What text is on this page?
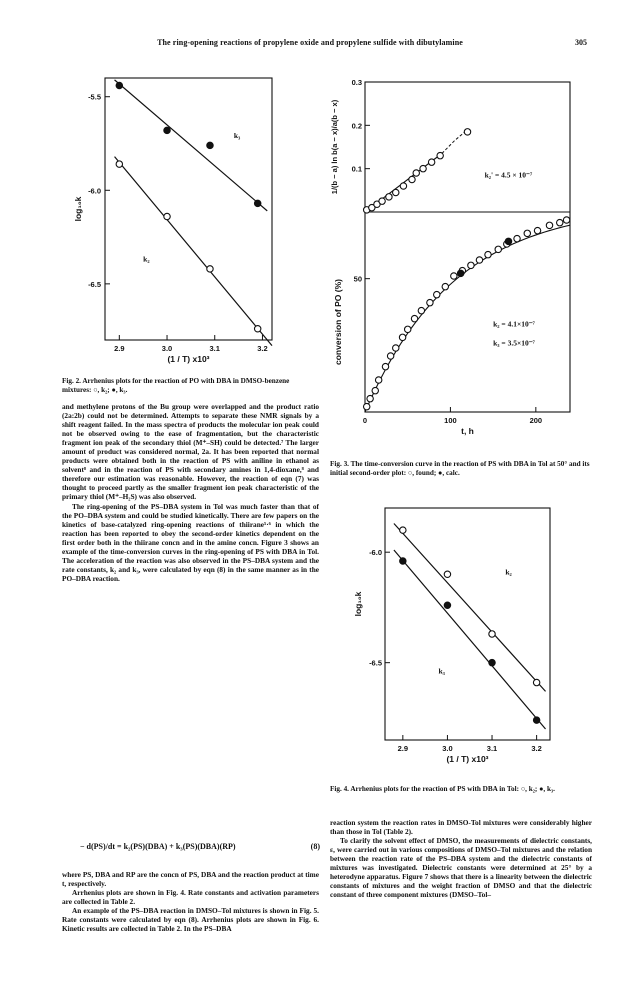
The ring-opening reactions of propylene oxide and propylene sulfide with dibutylamine	305
-5.5
-6.0
-6.5
2.9	3.0	3.1	3.2
(1 / T) x10³
log₁₀k
k₃
k₂
Fig. 2. Arrhenius plots for the reaction of PO with DBA in DMSO-benzene mixtures: ○, k₂; ●, k₃.
0.1
0.2
0.3
50
0	100	200
t, h
1/(b − a) ln b(a − x)/a(b − x)
conversion of PO (%)
k₂' = 4.5 × 10⁻⁷
k₂ = 4.1×10⁻⁷
k₃ = 3.5×10⁻⁷
Fig. 3. The time-conversion curve in the reaction of PS with DBA in Tol at 50° and its initial second-order plot: ○, found; ●, calc.
-6.0
-6.5
2.9	3.0	3.1	3.2
(1 / T) x10³
log₁₀k
k₂
k₃
Fig. 4. Arrhenius plots for the reaction of PS with DBA in Tol: ○, k₂; ●, k₃.

and methylene protons of the Bu group were overlapped and the product ratio (2a:2b) could not be determined. Attempts to separate these NMR signals by a shift reagent failed. In the mass spectra of products the molecular ion peak could not be observed owing to the ease of fragmentation, but the characteristic fragment ion peak of the secondary thiol (M⁺–SH) could be detected.⁷ The larger amount of product was considered normal, 2a. It has been reported that normal products were obtained both in the reaction of PS with aniline in ethanol as solvent⁸ and in the reaction of PS with secondary amines in 1,4-dioxane,⁸ and therefore our estimation was reasonable. However, the reaction of eqn (7) was thought to proceed partly as the smaller fragment ion peak characteristic of the primary thiol (M⁺–H₂S) was also observed.

The ring-opening of the PS–DBA system in Tol was much faster than that of the PO–DBA system and could be studied kinetically. There are few papers on the kinetics of base-catalyzed ring-opening reactions of thiirane⁵·⁶ in which the reaction has been reported to obey the second-order kinetics dependent on the first order both in the thiirane concn and in the amine concn. Figure 3 shows an example of the time-conversion curves in the ring-opening of PS with DBA in Tol. The acceleration of the reaction was also observed in the PS–DBA system and the rate constants, k₂ and k₃, were calculated by eqn (8) in the same manner as in the PO–DBA reaction.

− d(PS)/dt = k₂(PS)(DBA) + k₃(PS)(DBA)(RP)	(8)

where PS, DBA and RP are the concn of PS, DBA and the reaction product at time t, respectively.

Arrhenius plots are shown in Fig. 4. Rate constants and activation parameters are collected in Table 2.

An example of the PS–DBA reaction in DMSO–Tol mixtures is shown in Fig. 5. Rate constants were calculated by eqn (8). Arrhenius plots are shown in Fig. 6. Kinetic results are collected in Table 2. In the PS–DBA

reaction system the reaction rates in DMSO-Tol mixtures were considerably higher than those in Tol (Table 2).

To clarify the solvent effect of DMSO, the measurements of dielectric constants, ε, were carried out in various compositions of DMSO–Tol mixtures and the relation between the reaction rate of the PS–DBA system and the dielectric constants of mixtures was investigated. Dielectric constants were determined at 25° by a heterodyne apparatus. Figure 7 shows that there is a linearity between the dielectric constants of mixtures and the weight fraction of DMSO and that the dielectric constant of three component mixtures (DMSO–Tol–
